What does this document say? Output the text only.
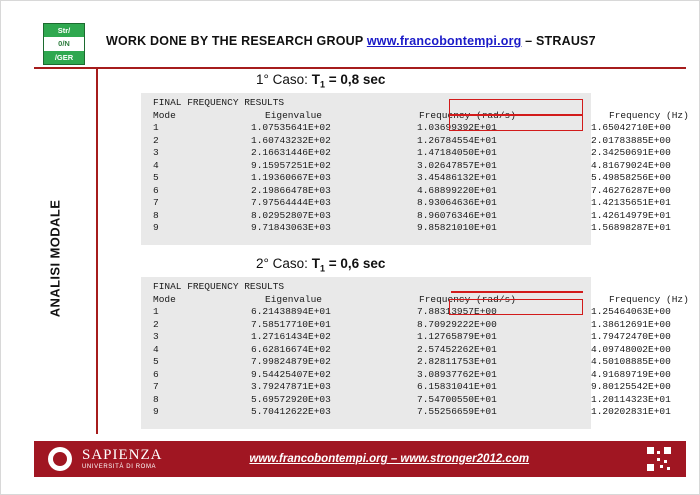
Str/
0/N
/GER
WORK DONE BY THE RESEARCH GROUP www.francobontempi.org – STRAUS7
ANALISI MODALE
1° Caso: $T_1 = 0,8$ sec
FINAL FREQUENCY RESULTS
Mode	Eigenvalue	Frequency (rad/s)	Frequency (Hz)
1	1.07535641E+02	1.03699392E+01	1.65042710E+00
2	1.60743232E+02	1.26784554E+01	2.01783885E+00
3	2.16631446E+02	1.47184050E+01	2.34250691E+00
4	9.15957251E+02	3.02647857E+01	4.81679024E+00
5	1.19360667E+03	3.45486132E+01	5.49858256E+00
6	2.19866478E+03	4.68899220E+01	7.46276287E+00
7	7.97564444E+03	8.93064636E+01	1.42135651E+01
8	8.02952807E+03	8.96076346E+01	1.42614979E+01
9	9.71843063E+03	9.85821010E+01	1.56898287E+01
2° Caso: $T_1 = 0,6$ sec
FINAL FREQUENCY RESULTS
Mode	Eigenvalue	Frequency (rad/s)	Frequency (Hz)
1	6.21438894E+01	7.88313957E+00	1.25464063E+00
2	7.58517710E+01	8.70929222E+00	1.38612691E+00
3	1.27161434E+02	1.12765879E+01	1.79472470E+00
4	6.62816674E+02	2.57452262E+01	4.09748002E+00
5	7.99824879E+02	2.82811753E+01	4.50108885E+00
6	9.54425407E+02	3.08937762E+01	4.91689719E+00
7	3.79247871E+03	6.15831041E+01	9.80125542E+00
8	5.69572920E+03	7.54700550E+01	1.20114323E+01
9	5.70412622E+03	7.55256659E+01	1.20202831E+01
SAPIENZA
UNIVERSITÀ DI ROMA
www.francobontempi.org – www.stronger2012.com
